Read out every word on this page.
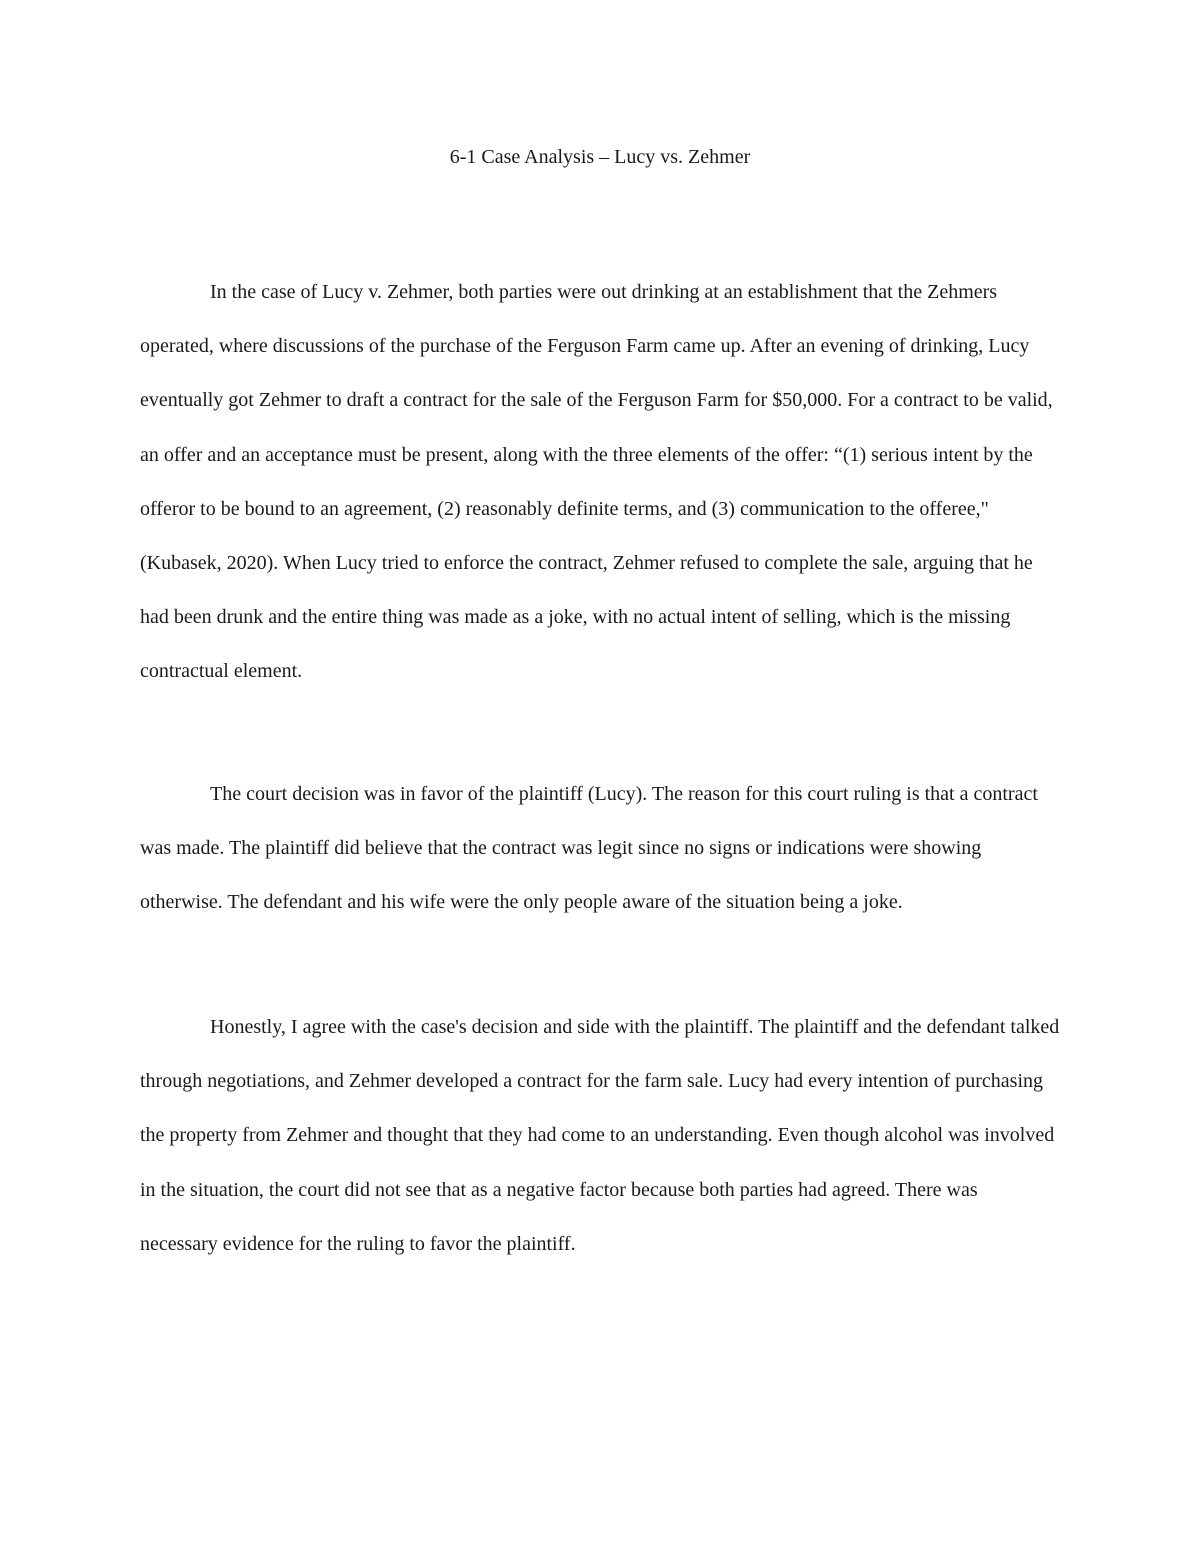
6-1 Case Analysis – Lucy vs. Zehmer

In the case of Lucy v. Zehmer, both parties were out drinking at an establishment that the Zehmers operated, where discussions of the purchase of the Ferguson Farm came up. After an evening of drinking, Lucy eventually got Zehmer to draft a contract for the sale of the Ferguson Farm for $50,000. For a contract to be valid, an offer and an acceptance must be present, along with the three elements of the offer: “(1) serious intent by the offeror to be bound to an agreement, (2) reasonably definite terms, and (3) communication to the offeree," (Kubasek, 2020). When Lucy tried to enforce the contract, Zehmer refused to complete the sale, arguing that he had been drunk and the entire thing was made as a joke, with no actual intent of selling, which is the missing contractual element.

The court decision was in favor of the plaintiff (Lucy). The reason for this court ruling is that a contract was made. The plaintiff did believe that the contract was legit since no signs or indications were showing otherwise. The defendant and his wife were the only people aware of the situation being a joke.

Honestly, I agree with the case's decision and side with the plaintiff. The plaintiff and the defendant talked through negotiations, and Zehmer developed a contract for the farm sale. Lucy had every intention of purchasing the property from Zehmer and thought that they had come to an understanding. Even though alcohol was involved in the situation, the court did not see that as a negative factor because both parties had agreed. There was necessary evidence for the ruling to favor the plaintiff.
